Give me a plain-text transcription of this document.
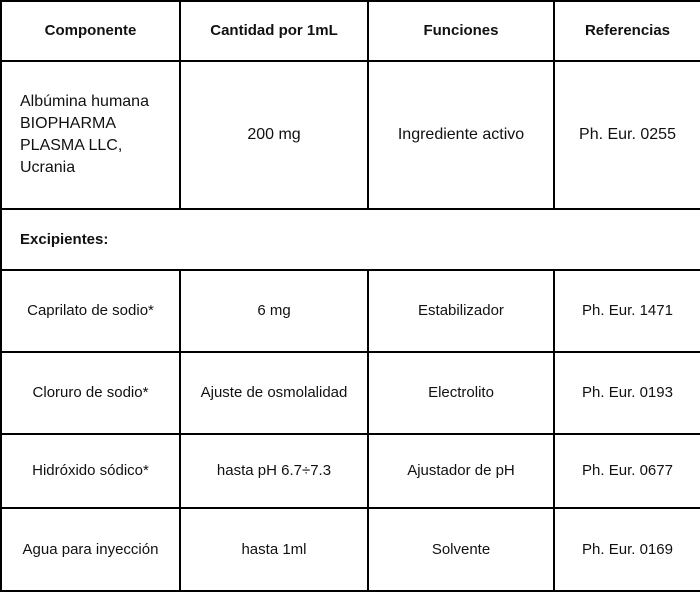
Componente	Cantidad por 1mL	Funciones	Referencias
Albúmina humana BIOPHARMA PLASMA LLC, Ucrania	200 mg	Ingrediente activo	Ph. Eur. 0255
Excipientes:			
Caprilato de sodio*	6 mg	Estabilizador	Ph. Eur. 1471
Cloruro de sodio*	Ajuste de osmolalidad	Electrolito	Ph. Eur. 0193
Hidróxido sódico*	hasta pH 6.7÷7.3	Ajustador de pH	Ph. Eur. 0677
Agua para inyección	hasta 1ml	Solvente	Ph. Eur. 0169
